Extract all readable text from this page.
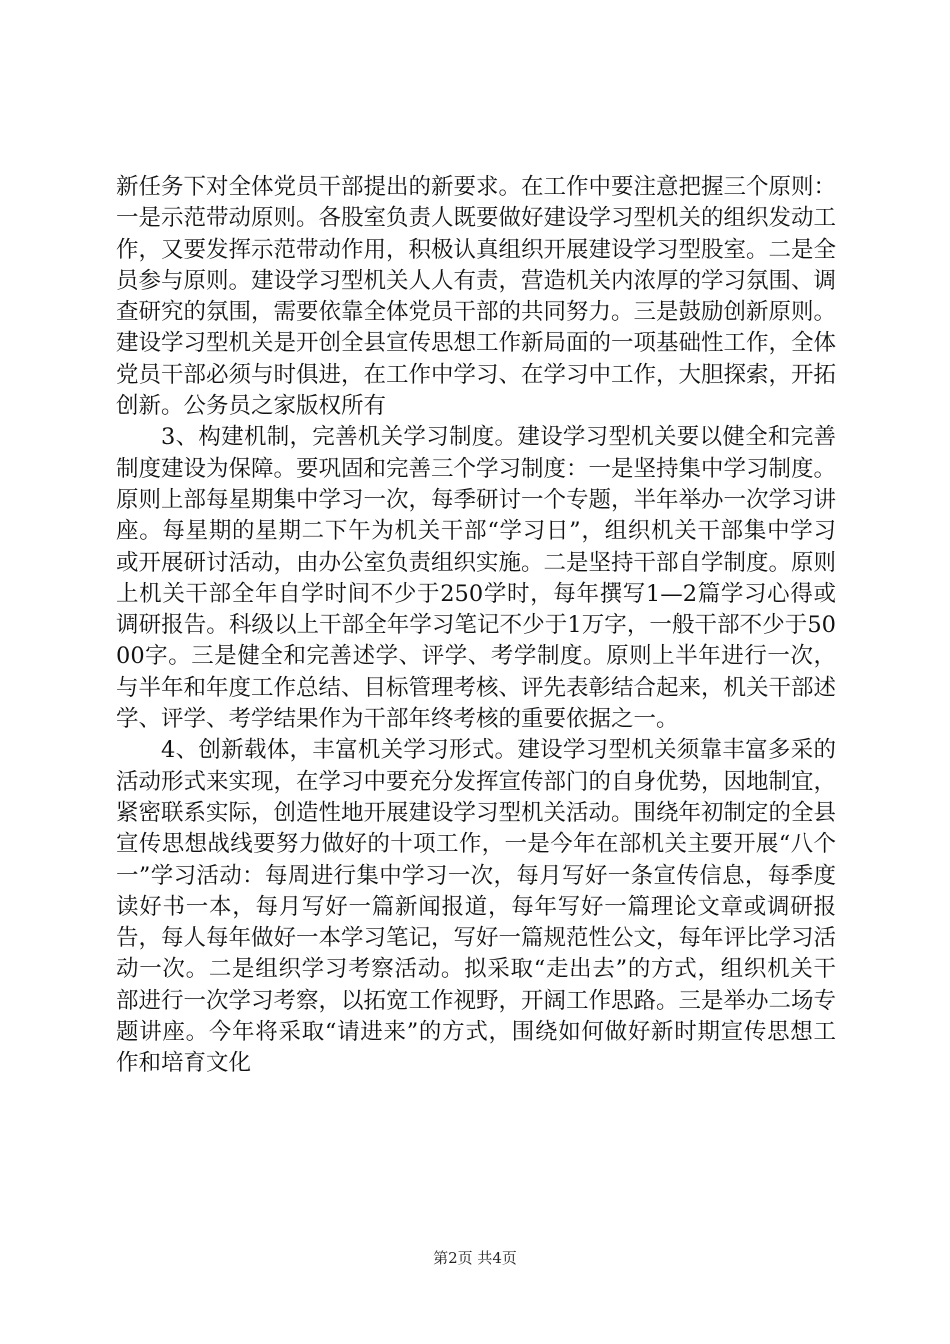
新任务下对全体党员干部提出的新要求。在工作中要注意把握三个原则：一是示范带动原则。各股室负责人既要做好建设学习型机关的组织发动工作，又要发挥示范带动作用，积极认真组织开展建设学习型股室。二是全员参与原则。建设学习型机关人人有责，营造机关内浓厚的学习氛围、调查研究的氛围，需要依靠全体党员干部的共同努力。三是鼓励创新原则。建设学习型机关是开创全县宣传思想工作新局面的一项基础性工作，全体党员干部必须与时俱进，在工作中学习、在学习中工作，大胆探索，开拓创新。公务员之家版权所有

3、构建机制，完善机关学习制度。建设学习型机关要以健全和完善制度建设为保障。要巩固和完善三个学习制度：一是坚持集中学习制度。原则上部每星期集中学习一次，每季研讨一个专题，半年举办一次学习讲座。每星期的星期二下午为机关干部“学习日”，组织机关干部集中学习或开展研讨活动，由办公室负责组织实施。二是坚持干部自学制度。原则上机关干部全年自学时间不少于250学时，每年撰写1—2篇学习心得或调研报告。科级以上干部全年学习笔记不少于1万字，一般干部不少于5000字。三是健全和完善述学、评学、考学制度。原则上半年进行一次，与半年和年度工作总结、目标管理考核、评先表彰结合起来，机关干部述学、评学、考学结果作为干部年终考核的重要依据之一。

4、创新载体，丰富机关学习形式。建设学习型机关须靠丰富多采的活动形式来实现，在学习中要充分发挥宣传部门的自身优势，因地制宜，紧密联系实际，创造性地开展建设学习型机关活动。围绕年初制定的全县宣传思想战线要努力做好的十项工作，一是今年在部机关主要开展“八个一”学习活动：每周进行集中学习一次，每月写好一条宣传信息，每季度读好书一本，每月写好一篇新闻报道，每年写好一篇理论文章或调研报告，每人每年做好一本学习笔记，写好一篇规范性公文，每年评比学习活动一次。二是组织学习考察活动。拟采取“走出去”的方式，组织机关干部进行一次学习考察，以拓宽工作视野，开阔工作思路。三是举办二场专题讲座。今年将采取“请进来”的方式，围绕如何做好新时期宣传思想工作和培育文化

第2页 共4页
